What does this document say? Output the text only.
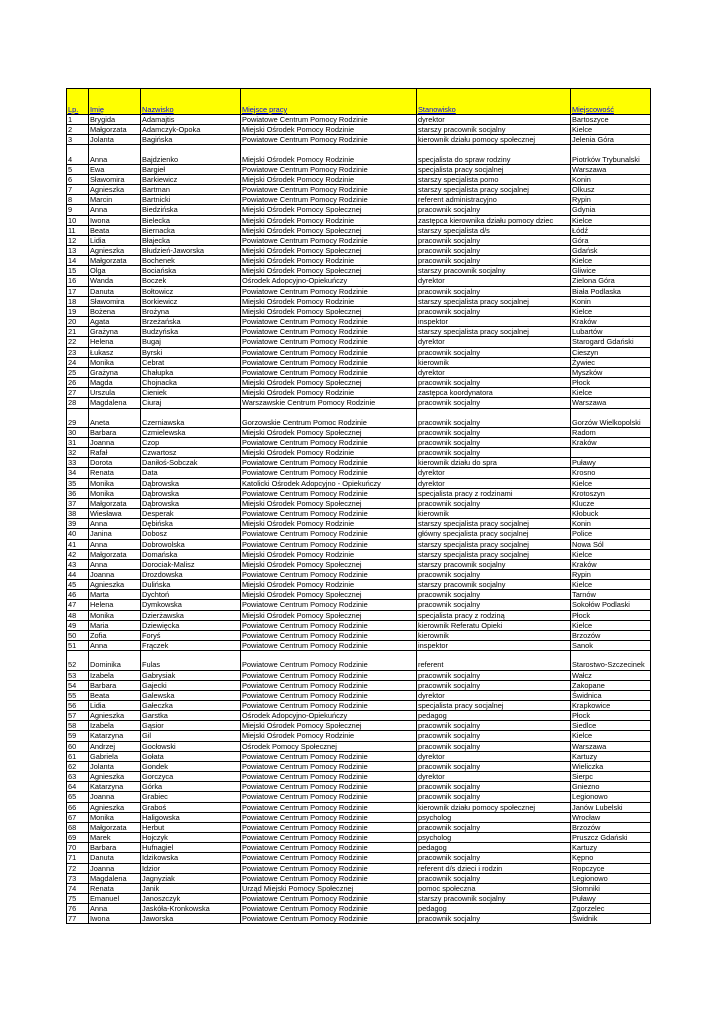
Lp.	Imię	Nazwisko	Miejsce pracy	Stanowisko	Miejscowość
1	Brygida	Adamajtis	Powiatowe Centrum Pomocy Rodzinie	dyrektor	Bartoszyce
2	Małgorzata	Adamczyk-Opoka	Miejski Ośrodek Pomocy Rodzinie	starszy pracownik socjalny	Kielce
3	Jolanta	Bagińska	Powiatowe Centrum Pomocy Rodzinie	kierownik działu pomocy społecznej	Jelenia Góra
4	Anna	Bajdzienko	Miejski Ośrodek Pomocy Rodzinie	specjalista do spraw rodziny	Piotrków Trybunalski
5	Ewa	Bargieł	Powiatowe Centrum Pomocy Rodzinie	specjalista pracy socjalnej	Warszawa
6	Sławomira	Barkiewicz	Miejski Ośrodek Pomocy Rodzinie	starszy specjalista pomo	Konin
7	Agnieszka	Bartman	Powiatowe Centrum Pomocy Rodzinie	starszy specjalista pracy socjalnej	Olkusz
8	Marcin	Bartnicki	Powiatowe Centrum Pomocy Rodzinie	referent administracyjno	Rypin
9	Anna	Biedzińska	Miejski Ośrodek Pomocy Społecznej	pracownik socjalny	Gdynia
10	Iwona	Bielecka	Miejski Ośrodek Pomocy Rodzinie	zastępca kierownika działu pomocy dziec	Kielce
11	Beata	Biernacka	Miejski Ośrodek Pomocy Społecznej	starszy specjalista d/s	Łódź
12	Lidia	Błajecka	Powiatowe Centrum Pomocy Rodzinie	pracownik socjalny	Góra
13	Agnieszka	Błudzień-Jaworska	Miejski Ośrodek Pomocy Społecznej	pracownik socjalny	Gdańsk
14	Małgorzata	Bochenek	Miejski Ośrodek Pomocy Rodzinie	pracownik socjalny	Kielce
15	Olga	Bociańska	Miejski Ośrodek Pomocy Społecznej	starszy pracownik socjalny	Gliwice
16	Wanda	Boczek	Ośrodek Adopcyjno-Opiekuńczy	dyrektor	Zielona Góra
17	Danuta	Bołtowicz	Powiatowe Centrum Pomocy Rodzinie	pracownik socjalny	Biała Podlaska
18	Sławomira	Borkiewicz	Miejski Ośrodek Pomocy Rodzinie	starszy specjalista pracy socjalnej	Konin
19	Bożena	Brożyna	Miejski Ośrodek Pomocy Społecznej	pracownik socjalny	Kielce
20	Agata	Brzeżańska	Powiatowe Centrum Pomocy Rodzinie	inspektor	Kraków
21	Grażyna	Budzyńska	Powiatowe Centrum Pomocy Rodzinie	starszy specjalista pracy socjalnej	Lubartów
22	Helena	Bugaj	Powiatowe Centrum Pomocy Rodzinie	dyrektor	Starogard Gdański
23	Łukasz	Byrski	Powiatowe Centrum Pomocy Rodzinie	pracownik socjalny	Cieszyn
24	Monika	Cebrat	Powiatowe Centrum Pomocy Rodzinie	kierownik	Żywiec
25	Grażyna	Chałupka	Powiatowe Centrum Pomocy Rodzinie	dyrektor	Myszków
26	Magda	Chojnacka	Miejski Ośrodek Pomocy Społecznej	pracownik socjalny	Płock
27	Urszula	Cieniek	Miejski Ośrodek Pomocy Rodzinie	zastępca koordynatora	Kielce
28	Magdalena	Ciuraj	Warszawskie Centrum Pomocy Rodzinie	pracownik socjalny	Warszawa
29	Aneta	Czerniawska	Gorzowskie Centrum Pomoc Rodzinie	pracownik socjalny	Gorzów Wielkopolski
30	Barbara	Czmielewska	Miejski Ośrodek Pomocy Społecznej	pracownik socjalny	Radom
31	Joanna	Czop	Powiatowe Centrum Pomocy Rodzinie	pracownik socjalny	Kraków
32	Rafał	Czwartosz	Miejski Ośrodek Pomocy Rodzinie	pracownik socjalny	
33	Dorota	Daniłoś-Sobczak	Powiatowe Centrum Pomocy Rodzinie	kierownik działu do spra	Puławy
34	Renata	Data	Powiatowe Centrum Pomocy Rodzinie	dyrektor	Krosno
35	Monika	Dąbrowska	Katolicki Ośrodek Adopcyjno - Opiekuńczy	dyrektor	Kielce
36	Monika	Dąbrowska	Powiatowe Centrum Pomocy Rodzinie	specjalista pracy z rodzinami	Krotoszyn
37	Małgorzata	Dąbrowska	Miejski Ośrodek Pomocy Społecznej	pracownik socjalny	Klucze
38	Wiesława	Desperak	Powiatowe Centrum Pomocy Rodzinie	kierownik	Kłobuck
39	Anna	Dębińska	Miejski Ośrodek Pomocy Rodzinie	starszy specjalista pracy socjalnej	Konin
40	Janina	Dobosz	Powiatowe Centrum Pomocy Rodzinie	główny specjalista pracy socjalnej	Police
41	Anna	Dobrowolska	Powiatowe Centrum Pomocy Rodzinie	starszy specjalista pracy socjalnej	Nowa Sól
42	Małgorzata	Domańska	Miejski Ośrodek Pomocy Rodzinie	starszy specjalista pracy socjalnej	Kielce
43	Anna	Dorociak-Malisz	Miejski Ośrodek Pomocy Społecznej	starszy pracownik socjalny	Kraków
44	Joanna	Drozdowska	Powiatowe Centrum Pomocy Rodzinie	pracownik socjalny	Rypin
45	Agnieszka	Dulińska	Miejski Ośrodek Pomocy Rodzinie	starszy pracownik socjalny	Kielce
46	Marta	Dychtoń	Miejski Ośrodek Pomocy Społecznej	pracownik socjalny	Tarnów
47	Helena	Dymkowska	Powiatowe Centrum Pomocy Rodzinie	pracownik socjalny	Sokołów Podlaski
48	Monika	Dzierżawska	Miejski Ośrodek Pomocy Społecznej	specjalista pracy z rodziną	Płock
49	Maria	Dziewięcka	Powiatowe Centrum Pomocy Rodzinie	kierownik Referatu Opieki	Kielce
50	Zofia	Foryś	Powiatowe Centrum Pomocy Rodzinie	kierownik	Brzozów
51	Anna	Frączek	Powiatowe Centrum Pomocy Rodzinie	inspektor	Sanok
52	Dominika	Fulas	Powiatowe Centrum Pomocy Rodzinie	referent	Starostwo-Szczecinek
53	Izabela	Gabrysiak	Powiatowe Centrum Pomocy Rodzinie	pracownik socjalny	Wałcz
54	Barbara	Gajecki	Powiatowe Centrum Pomocy Rodzinie	pracownik socjalny	Zakopane
55	Beata	Galewska	Powiatowe Centrum Pomocy Rodzinie	dyrektor	Świdnica
56	Lidia	Gałeczka	Powiatowe Centrum Pomocy Rodzinie	specjalista pracy socjalnej	Krapkowice
57	Agnieszka	Garstka	Ośrodek Adopcyjno-Opiekuńczy	pedagog	Płock
58	Izabela	Gąsior	Miejski Ośrodek Pomocy Społecznej	pracownik socjalny	Siedlce
59	Katarzyna	Gil	Miejski Ośrodek Pomocy Rodzinie	pracownik socjalny	Kielce
60	Andrzej	Gocłowski	Ośrodek Pomocy Społecznej	pracownik socjalny	Warszawa
61	Gabriela	Gołata	Powiatowe Centrum Pomocy Rodzinie	dyrektor	Kartuzy
62	Jolanta	Gondek	Powiatowe Centrum Pomocy Rodzinie	pracownik socjalny	Wieliczka
63	Agnieszka	Gorczyca	Powiatowe Centrum Pomocy Rodzinie	dyrektor	Sierpc
64	Katarzyna	Górka	Powiatowe Centrum Pomocy Rodzinie	pracownik socjalny	Gniezno
65	Joanna	Grabiec	Powiatowe Centrum Pomocy Rodzinie	pracownik socjalny	Legionowo
66	Agnieszka	Graboś	Powiatowe Centrum Pomocy Rodzinie	kierownik działu pomocy społecznej	Janów Lubelski
67	Monika	Haligowska	Powiatowe Centrum Pomocy Rodzinie	psycholog	Wrocław
68	Małgorzata	Herbut	Powiatowe Centrum Pomocy Rodzinie	pracownik socjalny	Brzozów
69	Marek	Hojczyk	Powiatowe Centrum Pomocy Rodzinie	psycholog	Pruszcz Gdański
70	Barbara	Hufnagiel	Powiatowe Centrum Pomocy Rodzinie	pedagog	Kartuzy
71	Danuta	Idzikowska	Powiatowe Centrum Pomocy Rodzinie	pracownik socjalny	Kępno
72	Joanna	Idzior	Powiatowe Centrum Pomocy Rodzinie	referent d/s dzieci i rodzin	Ropczyce
73	Magdalena	Jagnyziak	Powiatowe Centrum Pomocy Rodzinie	pracownik socjalny	Legionowo
74	Renata	Janik	Urząd Miejski Pomocy Społecznej	pomoc społeczna	Słomniki
75	Emanuel	Janoszczyk	Powiatowe Centrum Pomocy Rodzinie	starszy pracownik socjalny	Puławy
76	Anna	Jaskóła-Kronkowska	Powiatowe Centrum Pomocy Rodzinie	pedagog	Zgorzelec
77	Iwona	Jaworska	Powiatowe Centrum Pomocy Rodzinie	pracownik socjalny	Świdnik
